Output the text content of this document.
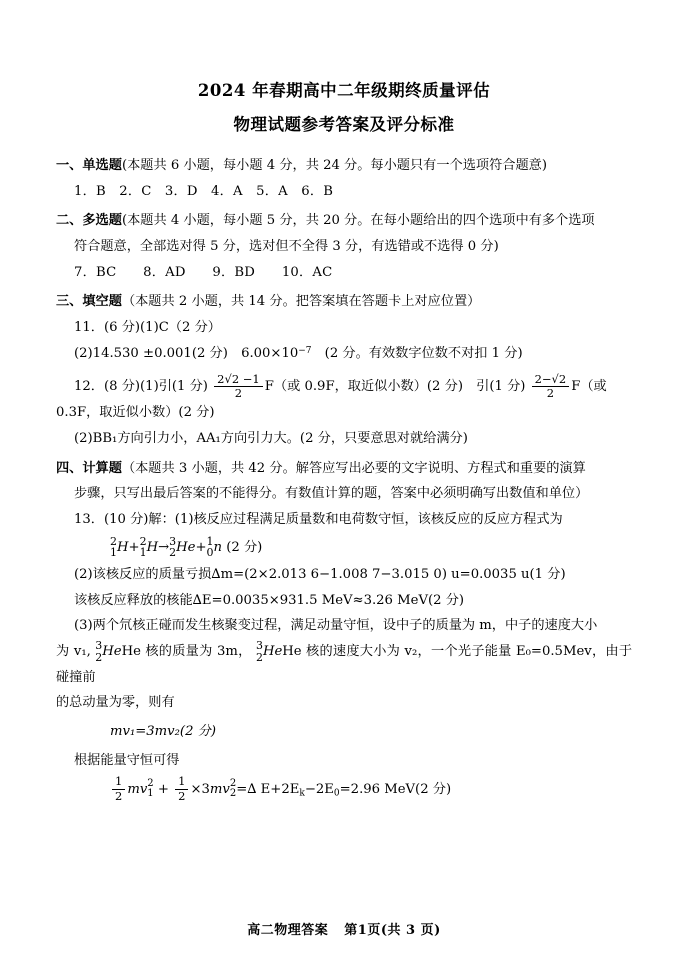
2024 年春期高中二年级期终质量评估
物理试题参考答案及评分标准
一、单选题(本题共 6 小题，每小题 4 分，共 24 分。每小题只有一个选项符合题意)
1．B　2．C　3．D　4．A　5．A　6．B
二、多选题(本题共 4 小题，每小题 5 分，共 20 分。在每小题给出的四个选项中有多个选项
符合题意，全部选对得 5 分，选对但不全得 3 分，有选错或不选得 0 分)
7．BC　　8．AD　　9．BD　　10．AC
三、填空题（本题共 2 小题，共 14 分。把答案填在答题卡上对应位置）
11．(6 分)(1)C（2 分）
(2)14.530 ±0.001(2 分)　$6.00\times 10^{-7}$　(2 分。有效数字位数不对扣 1 分)
12．(8 分)(1)引(1 分) $\frac{2√2 -1}{2} F$（或 0.9F，取近似小数）(2 分)　引(1 分) $\frac{2-√2}{2} F$（或
0.3F，取近似小数）(2 分)
(2)BB₁方向引力小，AA₁方向引力大。(2 分，只要意思对就给满分)
四、计算题（本题共 3 小题，共 42 分。解答应写出必要的文字说明、方程式和重要的演算
步骤，只写出最后答案的不能得分。有数值计算的题，答案中必须明确写出数值和单位）
13．(10 分)解：(1)核反应过程满足质量数和电荷数守恒，该核反应的反应方程式为
2
1 H+ 2
1 H→ 3
2 He+ 1
0 n (2 分)
(2)该核反应的质量亏损∆m=(2×2.013 6−1.008 7−3.015 0) u=0.0035 u(1 分)
该核反应释放的核能∆E=0.0035×931.5 MeV≈3.26 MeV(2 分)
(3)两个氘核正碰而发生核聚变过程，满足动量守恒，设中子的质量为 m，中子的速度大小
为 v₁, 3
2 HeHe 核的质量为 3m， 3
2 HeHe 核的速度大小为 v₂，一个光子能量 E₀=0.5Mev，由于碰撞前
的总动量为零，则有
mv₁=3mv₂(2 分)
根据能量守恒可得
$\frac{1}{2}$ mv 2
$1 + \frac{1}{2} \times 3mv$ 2
2 =∆ $E+2E_k-2E_0=2.96$ MeV(2 分)
高二物理答案 第1页(共 3 页)
